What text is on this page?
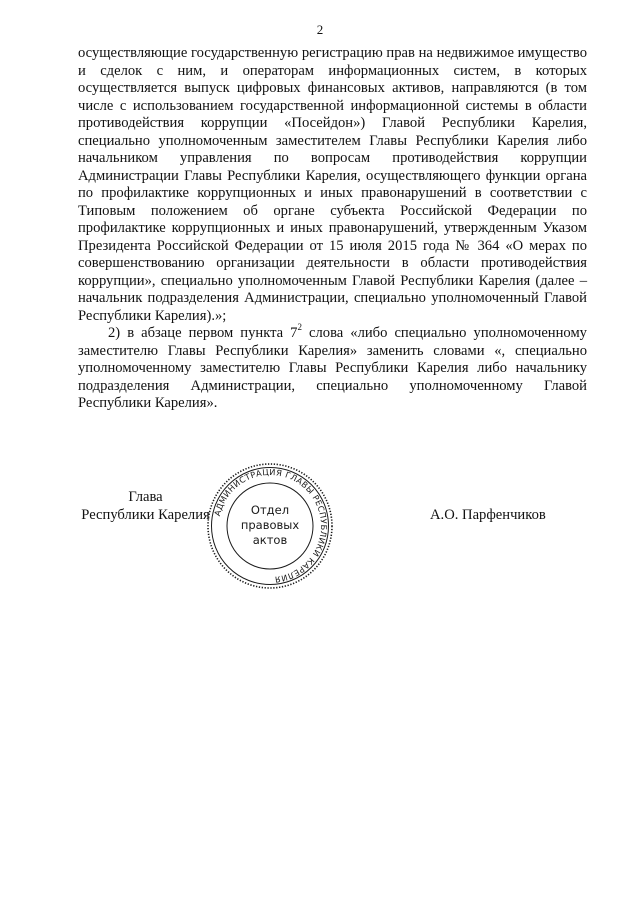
2

осуществляющие государственную регистрацию прав на недвижимое имущество и сделок с ним, и операторам информационных систем, в которых осуществляется выпуск цифровых финансовых активов, направляются (в том числе с использованием государственной информационной системы в области противодействия коррупции «Посейдон») Главой Республики Карелия, специально уполномоченным заместителем Главы Республики Карелия либо начальником управления по вопросам противодействия коррупции Администрации Главы Республики Карелия, осуществляющего функции органа по профилактике коррупционных и иных правонарушений в соответствии с Типовым положением об органе субъекта Российской Федерации по профилактике коррупционных и иных правонарушений, утвержденным Указом Президента Российской Федерации от 15 июля 2015 года № 364 «О мерах по совершенствованию организации деятельности в области противодействия коррупции», специально уполномоченным Главой Республики Карелия (далее – начальник подразделения Администрации, специально уполномоченный Главой Республики Карелия).»;

2) в абзаце первом пункта $7^2$ слова «либо специально уполномоченному заместителю Главы Республики Карелия» заменить словами «, специально уполномоченному заместителю Главы Республики Карелия либо начальнику подразделения Администрации, специально уполномоченному Главой Республики Карелия».

Глава
Республики Карелия АДМИНИСТРАЦИЯ ГЛАВЫ РЕСПУБЛИКИ КАРЕЛИЯ
Отдел
правовых
актов
А.О. Парфенчиков
